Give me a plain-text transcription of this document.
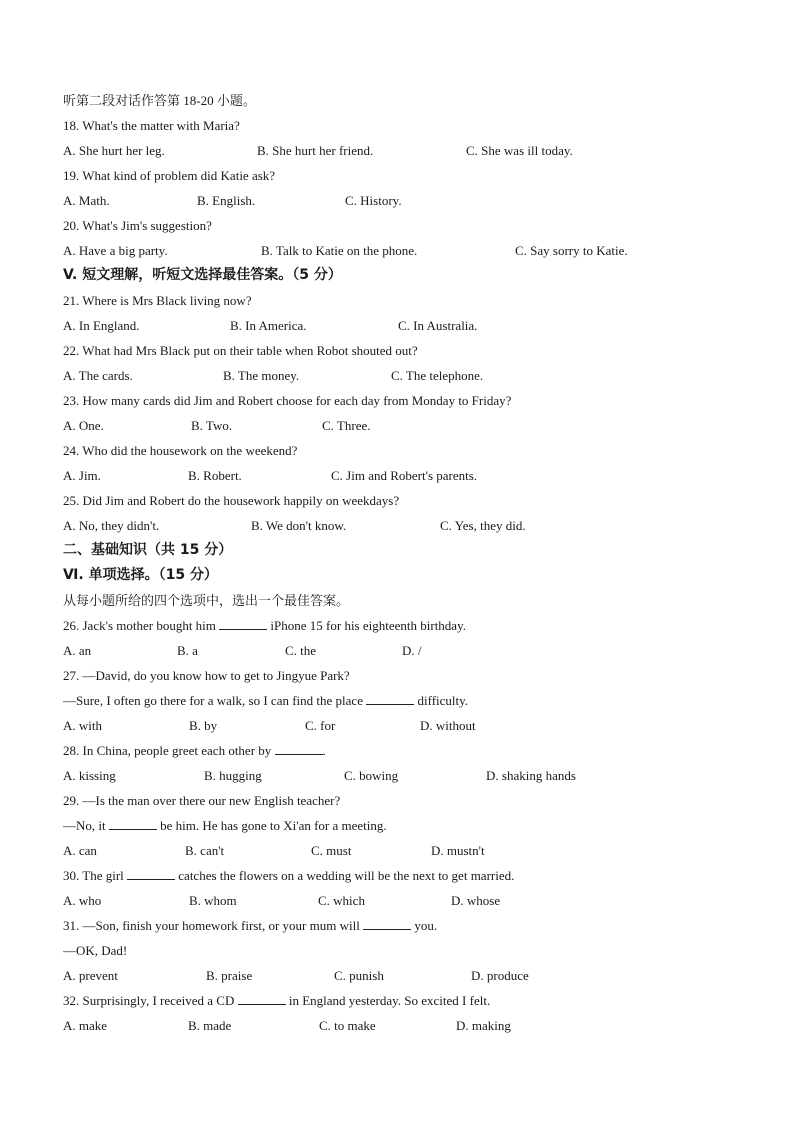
听第二段对话作答第 18-20 小题。
18. What's the matter with Maria?
A. She hurt her leg.	B. She hurt her friend.	C. She was ill today.
19. What kind of problem did Katie ask?
A. Math.	B. English.	C. History.
20. What's Jim's suggestion?
A. Have a big party.	B. Talk to Katie on the phone.	C. Say sorry to Katie.
V. 短文理解，听短文选择最佳答案。（5 分）
21. Where is Mrs Black living now?
A. In England.	B. In America.	C. In Australia.
22. What had Mrs Black put on their table when Robot shouted out?
A. The cards.	B. The money.	C. The telephone.
23. How many cards did Jim and Robert choose for each day from Monday to Friday?
A. One.	B. Two.	C. Three.
24. Who did the housework on the weekend?
A. Jim.	B. Robert.	C. Jim and Robert's parents.
25. Did Jim and Robert do the housework happily on weekdays?
A. No, they didn't.	B. We don't know.	C. Yes, they did.
二、基础知识（共 15 分）
Ⅵ. 单项选择。（15 分）
从每小题所给的四个选项中，选出一个最佳答案。
26. Jack's mother bought him	iPhone 15 for his eighteenth birthday.
A. an	B. a	C. the	D. /
27. —David, do you know how to get to Jingyue Park?
—Sure, I often go there for a walk, so I can find the place	difficulty.
A. with	B. by	C. for	D. without
28. In China, people greet each other by	.
A. kissing	B. hugging	C. bowing	D. shaking hands
29. —Is the man over there our new English teacher?
—No, it	be him. He has gone to Xi'an for a meeting.
A. can	B. can't	C. must	D. mustn't
30. The girl	catches the flowers on a wedding will be the next to get married.
A. who	B. whom	C. which	D. whose
31. —Son, finish your homework first, or your mum will	you.
—OK, Dad!
A. prevent	B. praise	C. punish	D. produce
32. Surprisingly, I received a CD	in England yesterday. So excited I felt.
A. make	B. made	C. to make	D. making
